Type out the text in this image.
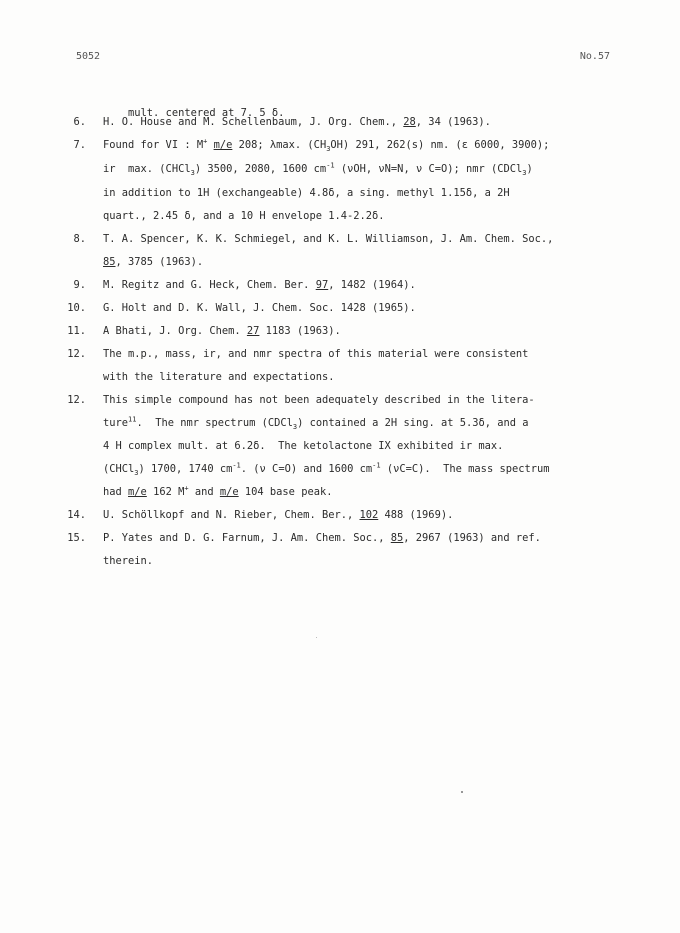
5052	No.57

mult. centered at 7. 5 δ.

6. H. O. House and M. Schellenbaum, J. Org. Chem., 28, 34 (1963).
7. Found for VI : M+ m/e 208; λmax. $(CH_3OH)$ 291, 262(s) nm. (ε 6000, 3900);
ir  max. (CHCl$_3$) 3500, 2080, 1600 $cm^{-1}$ (νOH, νN=N, ν C=O); nmr (CDCl$_3$)
in addition to 1H (exchangeable) 4.8δ, a sing. methyl 1.15δ, a 2H
quart., 2.45 δ, and a 10 H envelope 1.4-2.2δ.
8. T. A. Spencer, K. K. Schmiegel, and K. L. Williamson, J. Am. Chem. Soc.,
85, 3785 (1963).
9. M. Regitz and G. Heck, Chem. Ber. 97, 1482 (1964).
10. G. Holt and D. K. Wall, J. Chem. Soc. 1428 (1965).
11. A Bhati, J. Org. Chem. 27 1183 (1963).
12. The m.p., mass, ir, and nmr spectra of this material were consistent
with the literature and expectations.
12. This simple compound has not been adequately described in the litera-
ture$^{11}$.  The nmr spectrum (CDCl$_3$) contained a 2H sing. at 5.3δ, and a
4 H complex mult. at 6.2δ.  The ketolactone IX exhibited ir max.
(CHCl$_3$) 1700, 1740 $cm^{-1}$. (ν C=O) and 1600 $cm^{-1}$ (νC=C).  The mass spectrum
had m/e 162 M+ and m/e 104 base peak.
14. U. Schöllkopf and N. Rieber, Chem. Ber., 102 488 (1969).
15. P. Yates and D. G. Farnum, J. Am. Chem. Soc., 85, 2967 (1963) and ref.
therein.
